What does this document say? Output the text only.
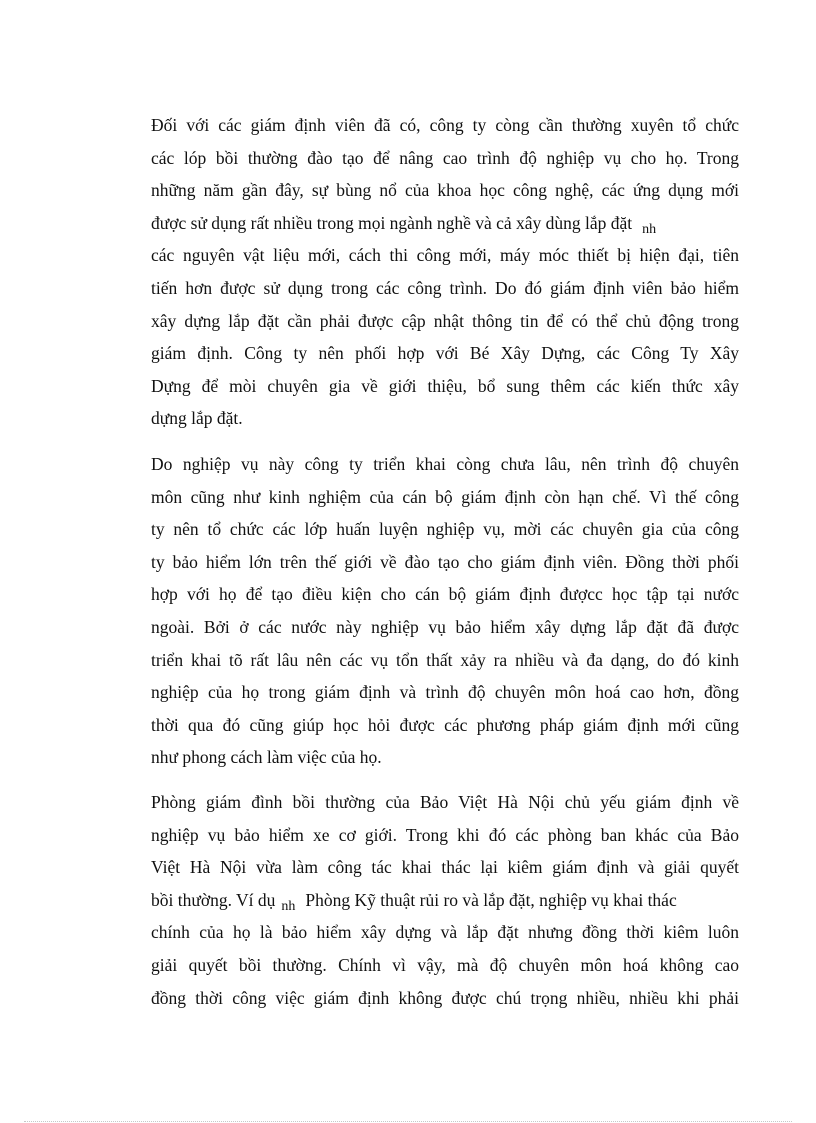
Đối với các giám định viên đã có, công ty còng cần thường xuyên tổ chức
các lóp bồi thường đào tạo để nâng cao trình độ nghiệp vụ cho họ. Trong
những năm gần đây, sự bùng nổ của khoa học công nghệ, các ứng dụng mới
được sử dụng rất nhiều trong mọi ngành nghề và cả xây dùng lắp đặt $_{nh}$
các nguyên vật liệu mới, cách thi công mới, máy móc thiết bị hiện đại, tiên
tiến hơn được sử dụng trong các công trình. Do đó giám định viên bảo hiểm
xây dựng lắp đặt cần phải được cập nhật thông tin để có thể chủ động trong
giám định. Công ty nên phối hợp với Bé Xây Dựng, các Công Ty Xây
Dựng để mòi chuyên gia về giới thiệu, bổ sung thêm các kiến thức xây
dựng lắp đặt.
Do nghiệp vụ này công ty triển khai còng chưa lâu, nên trình độ chuyên
môn cũng như kinh nghiệm của cán bộ giám định còn hạn chế. Vì thế công
ty nên tổ chức các lớp huấn luyện nghiệp vụ, mời các chuyên gia của công
ty bảo hiểm lớn trên thế giới về đào tạo cho giám định viên. Đồng thời phối
hợp với họ để tạo điều kiện cho cán bộ giám định đượcc học tập tại nước
ngoài. Bởi ở các nước này nghiệp vụ bảo hiểm xây dựng lắp đặt đã được
triển khai tõ rất lâu nên các vụ tổn thất xảy ra nhiều và đa dạng, do đó kinh
nghiệp của họ trong giám định và trình độ chuyên môn hoá cao hơn, đồng
thời qua đó cũng giúp học hỏi được các phương pháp giám định mới cũng
như phong cách làm việc của họ.
Phòng giám đình bồi thường của Bảo Việt Hà Nội chủ yếu giám định về
nghiệp vụ bảo hiểm xe cơ giới. Trong khi đó các phòng ban khác của Bảo
Việt Hà Nội vừa làm công tác khai thác lại kiêm giám định và giải quyết
bồi thường. Ví dụ $_{nh}$ Phòng Kỹ thuật rủi ro và lắp đặt, nghiệp vụ khai thác
chính của họ là bảo hiểm xây dựng và lắp đặt nhưng đồng thời kiêm luôn
giải quyết bồi thường. Chính vì vậy, mà độ chuyên môn hoá không cao
đồng thời công việc giám định không được chú trọng nhiều, nhiều khi phải
